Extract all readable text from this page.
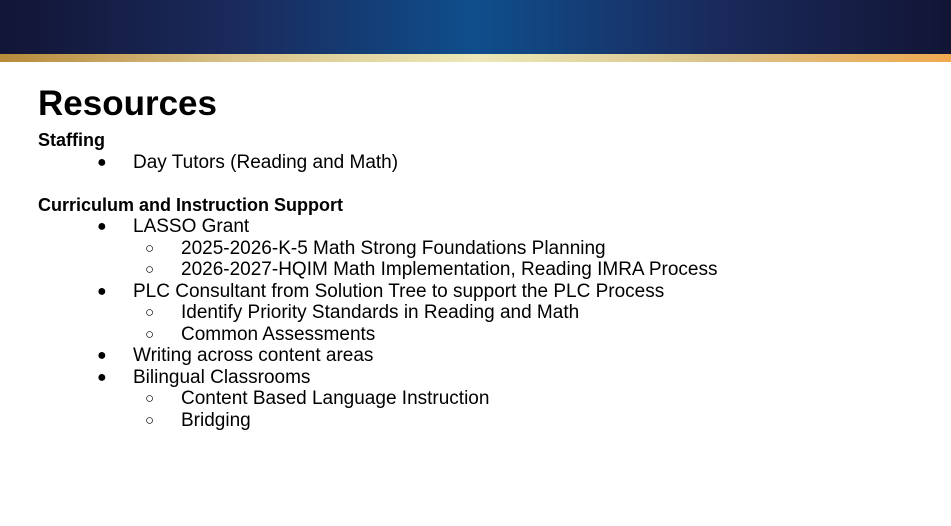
Resources
Staffing
● Day Tutors (Reading and Math)
Curriculum and Instruction Support
● LASSO Grant
○ 2025-2026-K-5 Math Strong Foundations Planning
○ 2026-2027-HQIM Math Implementation, Reading IMRA Process
● PLC Consultant from Solution Tree to support the PLC Process
○ Identify Priority Standards in Reading and Math
○ Common Assessments
● Writing across content areas
● Bilingual Classrooms
○ Content Based Language Instruction
○ Bridging
